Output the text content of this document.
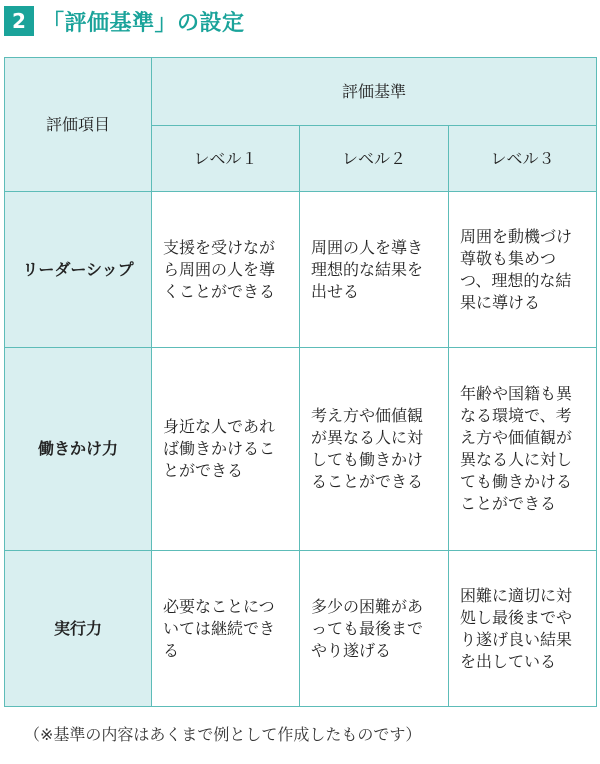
2 「評価基準」の設定
評価項目	評価基準		
	レベル１	レベル２	レベル３
リーダーシップ	支援を受けながら周囲の人を導くことができる	周囲の人を導き理想的な結果を出せる	周囲を動機づけ尊敬も集めつつ、理想的な結果に導ける
働きかけ力	身近な人であれば働きかけることができる	考え方や価値観が異なる人に対しても働きかけることができる	年齢や国籍も異なる環境で、考え方や価値観が異なる人に対しても働きかけることができる
実行力	必要なことについては継続できる	多少の困難があっても最後までやり遂げる	困難に適切に対処し最後までやり遂げ良い結果を出している
（※基準の内容はあくまで例として作成したものです）
